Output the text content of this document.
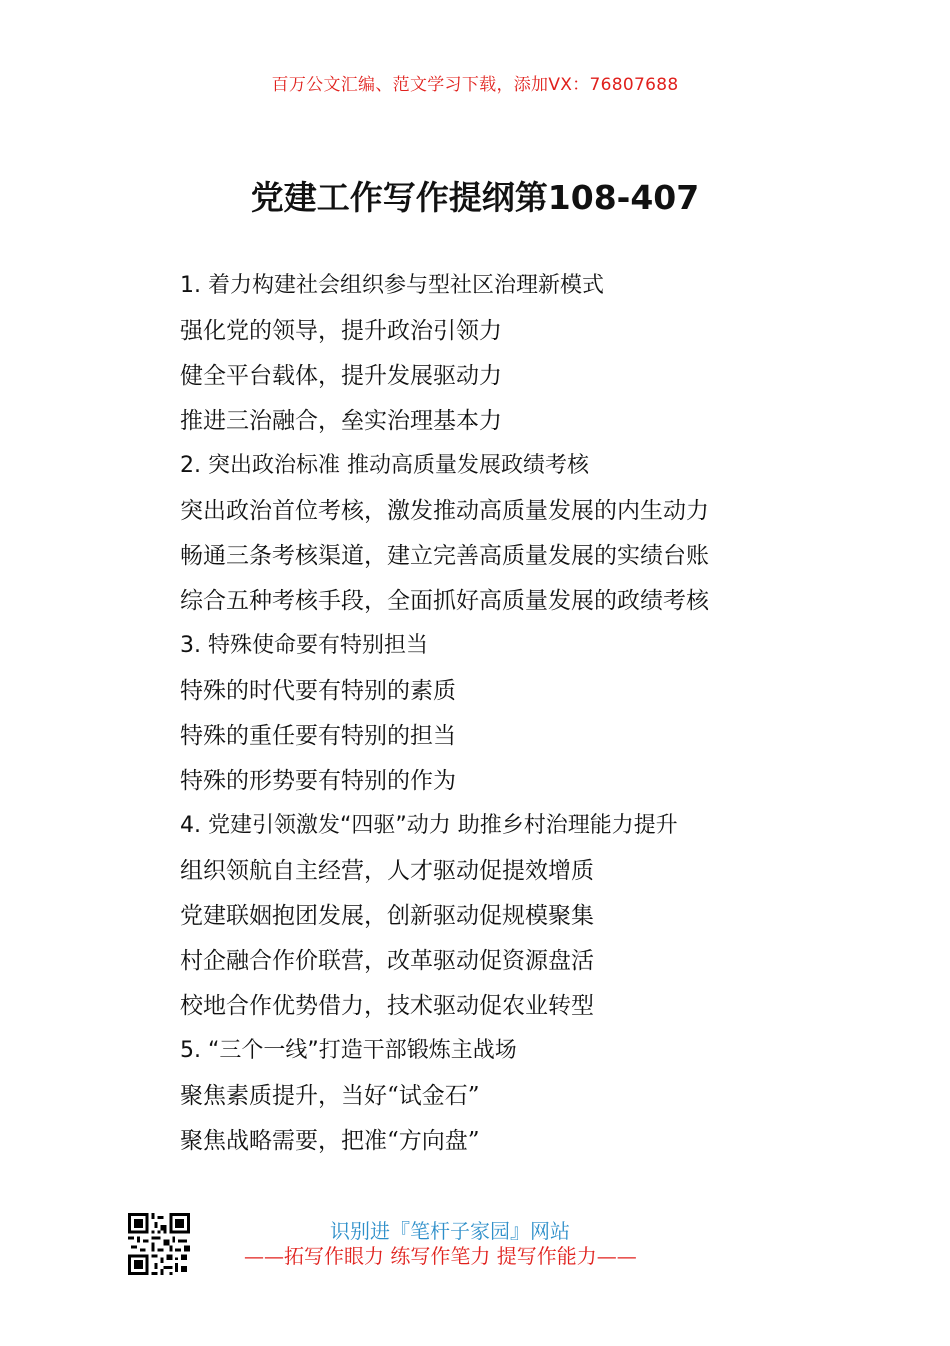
百万公文汇编、范文学习下载，添加VX：76807688
党建工作写作提纲第108-407
1. 着力构建社会组织参与型社区治理新模式
强化党的领导，提升政治引领力
健全平台载体，提升发展驱动力
推进三治融合，垒实治理基本力
2. 突出政治标准 推动高质量发展政绩考核
突出政治首位考核，激发推动高质量发展的内生动力
畅通三条考核渠道，建立完善高质量发展的实绩台账
综合五种考核手段，全面抓好高质量发展的政绩考核
3. 特殊使命要有特别担当
特殊的时代要有特别的素质
特殊的重任要有特别的担当
特殊的形势要有特别的作为
4. 党建引领激发“四驱”动力 助推乡村治理能力提升
组织领航自主经营，人才驱动促提效增质
党建联姻抱团发展，创新驱动促规模聚集
村企融合作价联营，改革驱动促资源盘活
校地合作优势借力，技术驱动促农业转型
5. “三个一线”打造干部锻炼主战场
聚焦素质提升，当好“试金石”
聚焦战略需要，把准“方向盘”
识别进『笔杆子家园』网站
——拓写作眼力 练写作笔力 提写作能力——
